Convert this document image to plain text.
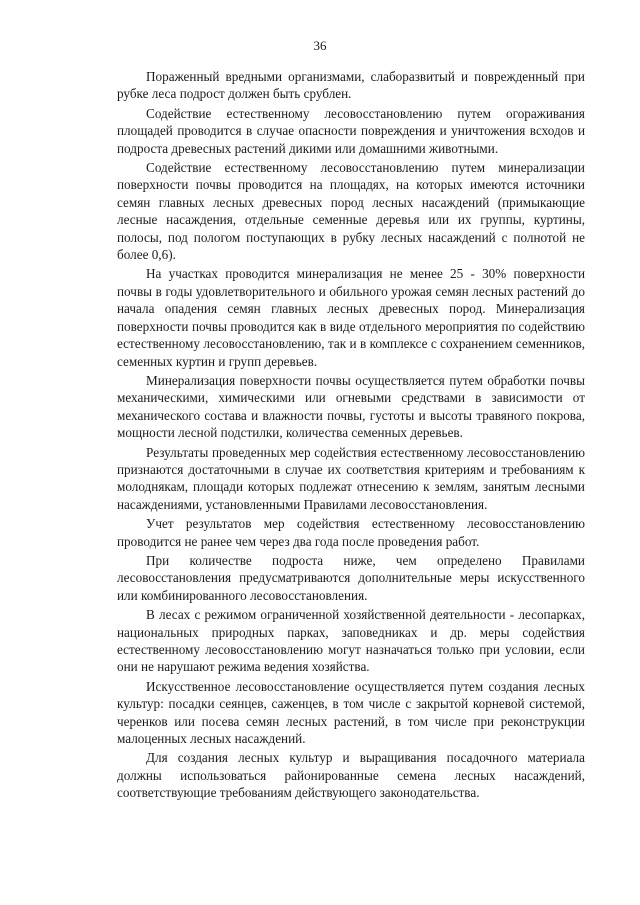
36

Пораженный вредными организмами, слаборазвитый и поврежденный при рубке леса подрост должен быть срублен.

Содействие естественному лесовосстановлению путем огораживания площадей проводится в случае опасности повреждения и уничтожения всходов и подроста древесных растений дикими или домашними животными.

Содействие естественному лесовосстановлению путем минерализации поверхности почвы проводится на площадях, на которых имеются источники семян главных лесных древесных пород лесных насаждений (примыкающие лесные насаждения, отдельные семенные деревья или их группы, куртины, полосы, под пологом поступающих в рубку лесных насаждений с полнотой не более 0,6).

На участках проводится минерализация не менее 25 - 30% поверхности почвы в годы удовлетворительного и обильного урожая семян лесных растений до начала опадения семян главных лесных древесных пород. Минерализация поверхности почвы проводится как в виде отдельного мероприятия по содействию естественному лесовосстановлению, так и в комплексе с сохранением семенников, семенных куртин и групп деревьев.

Минерализация поверхности почвы осуществляется путем обработки почвы механическими, химическими или огневыми средствами в зависимости от механического состава и влажности почвы, густоты и высоты травяного покрова, мощности лесной подстилки, количества семенных деревьев.

Результаты проведенных мер содействия естественному лесовосстановлению признаются достаточными в случае их соответствия критериям и требованиям к молоднякам, площади которых подлежат отнесению к землям, занятым лесными насаждениями, установленными Правилами лесовосстановления.

Учет результатов мер содействия естественному лесовосстановлению проводится не ранее чем через два года после проведения работ.

При количестве подроста ниже, чем определено Правилами лесовосстановления предусматриваются дополнительные меры искусственного или комбинированного лесовосстановления.

В лесах с режимом ограниченной хозяйственной деятельности - лесопарках, национальных природных парках, заповедниках и др. меры содействия естественному лесовосстановлению могут назначаться только при условии, если они не нарушают режима ведения хозяйства.

Искусственное лесовосстановление осуществляется путем создания лесных культур: посадки сеянцев, саженцев, в том числе с закрытой корневой системой, черенков или посева семян лесных растений, в том числе при реконструкции малоценных лесных насаждений.

Для создания лесных культур и выращивания посадочного материала должны использоваться районированные семена лесных насаждений, соответствующие требованиям действующего законодательства.
